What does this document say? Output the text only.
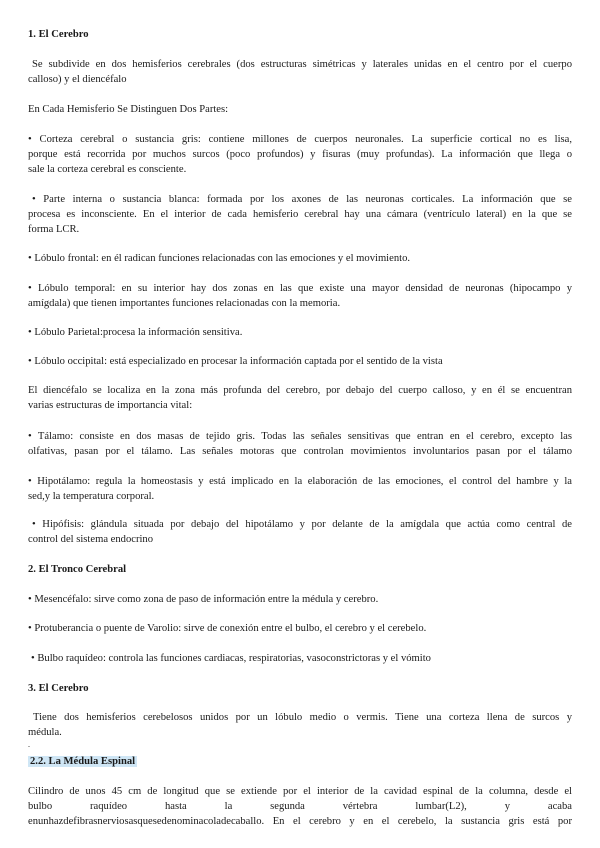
1. El Cerebro
Se subdivide en dos hemisferios cerebrales (dos estructuras simétricas y laterales unidas en el centro por el cuerpo
calloso) y el diencéfalo
En Cada Hemisferio Se Distinguen Dos Partes:
• Corteza cerebral o sustancia gris: contiene millones de cuerpos neuronales. La superficie cortical no es lisa,
porque está recorrida por muchos surcos (poco profundos) y fisuras (muy profundas). La información que llega o
sale la corteza cerebral es consciente.
• Parte interna o sustancia blanca: formada por los axones de las neuronas corticales. La información que se
procesa es inconsciente. En el interior de cada hemisferio cerebral hay una cámara (ventrículo lateral) en la que se
forma LCR.
• Lóbulo frontal: en él radican funciones relacionadas con las emociones y el movimiento.
• Lóbulo temporal: en su interior hay dos zonas en las que existe una mayor densidad de neuronas (hipocampo y
amígdala) que tienen importantes funciones relacionadas con la memoria.
• Lóbulo Parietal:procesa la información sensitiva.
• Lóbulo occipital: está especializado en procesar la información captada por el sentido de la vista
El diencéfalo se localiza en la zona más profunda del cerebro, por debajo del cuerpo calloso, y en él se encuentran
varias estructuras de importancia vital:
• Tálamo: consiste en dos masas de tejido gris. Todas las señales sensitivas que entran en el cerebro, excepto las
olfativas, pasan por el tálamo. Las señales motoras que controlan movimientos involuntarios pasan por el tálamo
• Hipotálamo: regula la homeostasis y está implicado en la elaboración de las emociones, el control del hambre y la
sed,y la temperatura corporal.
• Hipófisis: glándula situada por debajo del hipotálamo y por delante de la amígdala que actúa como central de
control del sistema endocrino
2. El Tronco Cerebral
• Mesencéfalo: sirve como zona de paso de información entre la médula y cerebro.
• Protuberancia o puente de Varolio: sirve de conexión entre el bulbo, el cerebro y el cerebelo.
• Bulbo raquídeo: controla las funciones cardiacas, respiratorias, vasoconstrictoras y el vómito
3. El Cerebro
Tiene dos hemisferios cerebelosos unidos por un lóbulo medio o vermis. Tiene una corteza llena de surcos y
médula.
.
2.2. La Médula Espinal
Cilindro de unos 45 cm de longitud que se extiende por el interior de la cavidad espinal de la columna, desde el
bulbo raquídeo hasta la segunda vértebra lumbar(L2), y acaba
enunhazdefibrasnerviosasquesedenominacoladecaballo. En el cerebro y en el cerebelo, la sustancia gris está por
